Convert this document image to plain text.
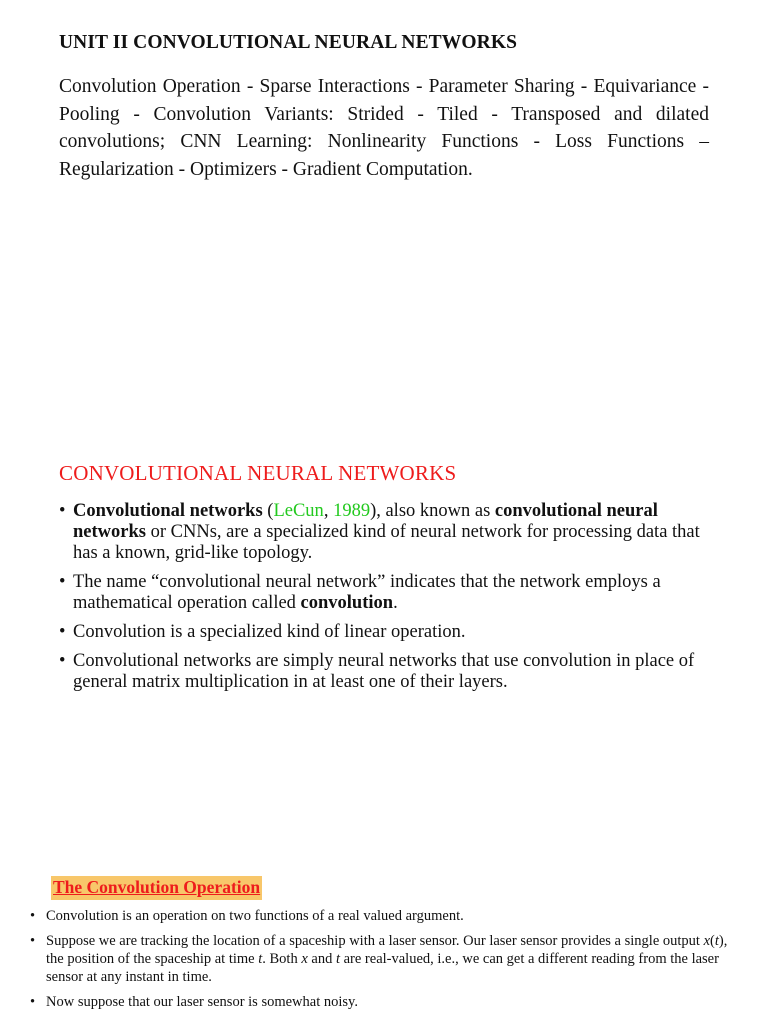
UNIT II CONVOLUTIONAL NEURAL NETWORKS

Convolution Operation - Sparse Interactions - Parameter Sharing - Equivariance - Pooling - Convolution Variants: Strided - Tiled - Transposed and dilated convolutions; CNN Learning: Nonlinearity Functions - Loss Functions – Regularization - Optimizers - Gradient Computation.

CONVOLUTIONAL NEURAL NETWORKS
• Convolutional networks (LeCun, 1989), also known as convolutional neural networks or CNNs, are a specialized kind of neural network for processing data that has a known, grid-like topology.
• The name “convolutional neural network” indicates that the network employs a mathematical operation called convolution.
• Convolution is a specialized kind of linear operation.
• Convolutional networks are simply neural networks that use convolution in place of general matrix multiplication in at least one of their layers.
The Convolution Operation
• Convolution is an operation on two functions of a real valued argument.
• Suppose we are tracking the location of a spaceship with a laser sensor. Our laser sensor provides a single output x(t), the position of the spaceship at time t. Both x and t are real-valued, i.e., we can get a different reading from the laser sensor at any instant in time.
• Now suppose that our laser sensor is somewhat noisy.
